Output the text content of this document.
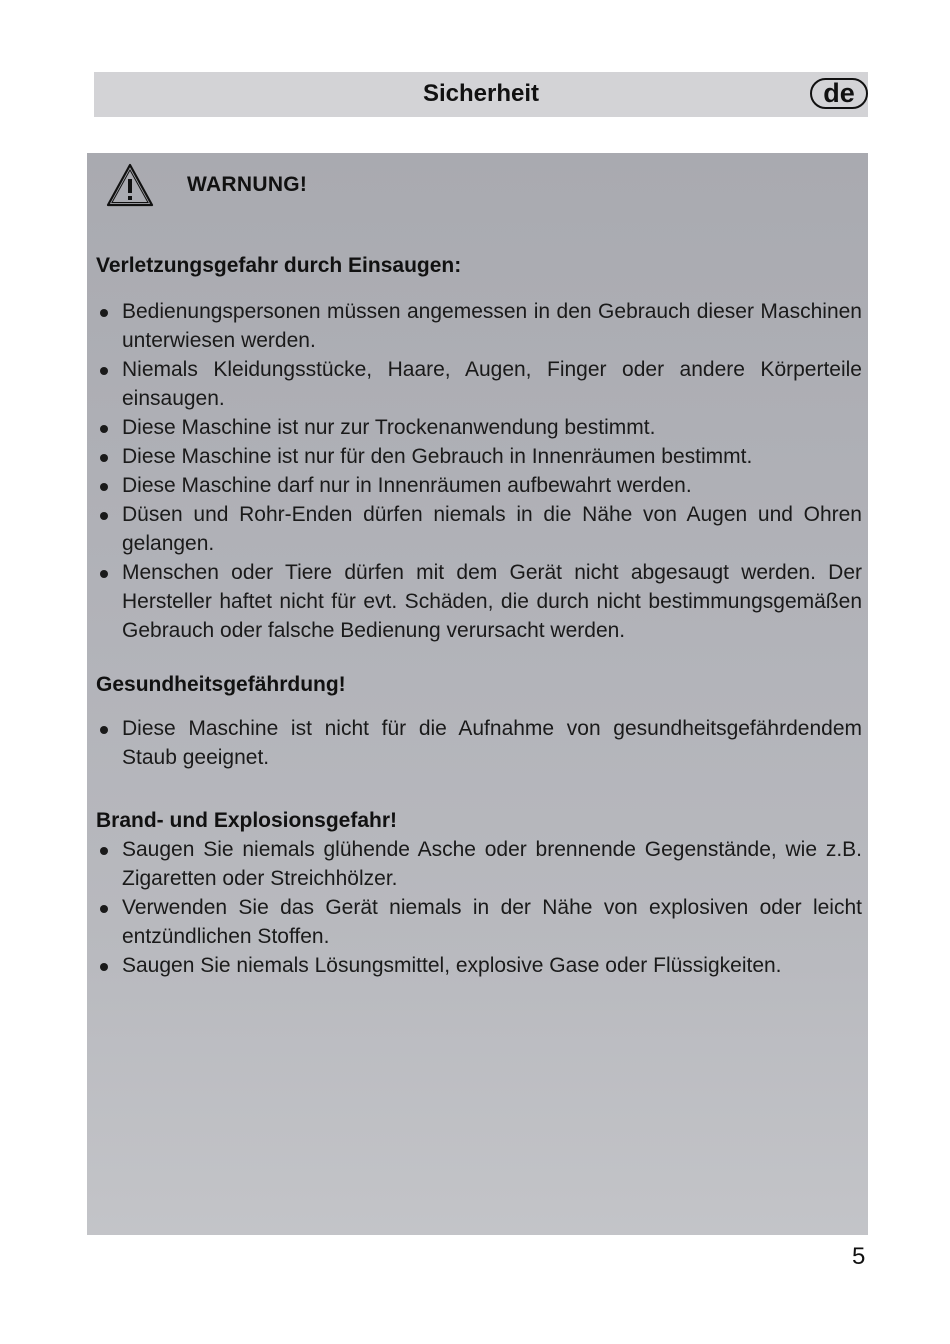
Sicherheit	de
WARNUNG!

Verletzungsgefahr durch Einsaugen:

Bedienungspersonen müssen angemessen in den Gebrauch dieser Maschinen unterwiesen werden.
Niemals Kleidungsstücke, Haare, Augen, Finger oder andere Körperteile einsaugen.
Diese Maschine ist nur zur Trockenanwendung bestimmt.
Diese Maschine ist nur für den Gebrauch in Innenräumen bestimmt.
Diese Maschine darf nur in Innenräumen aufbewahrt werden.
Düsen und Rohr-Enden dürfen niemals in die Nähe von Augen und Ohren gelangen.
Menschen oder Tiere dürfen mit dem Gerät nicht abgesaugt werden. Der Hersteller haftet nicht für evt. Schäden, die durch nicht bestimmungsgemäßen Gebrauch oder falsche Bedienung verursacht werden.

Gesundheitsgefährdung!

Diese Maschine ist nicht für die Aufnahme von gesundheitsgefährdendem Staub geeignet.

Brand- und Explosionsgefahr!

Saugen Sie niemals glühende Asche oder brennende Gegenstände, wie z.B. Zigaretten oder Streichhölzer.
Verwenden Sie das Gerät niemals in der Nähe von explosiven oder leicht entzündlichen Stoffen.
Saugen Sie niemals Lösungsmittel, explosive Gase oder Flüssigkeiten.
5
